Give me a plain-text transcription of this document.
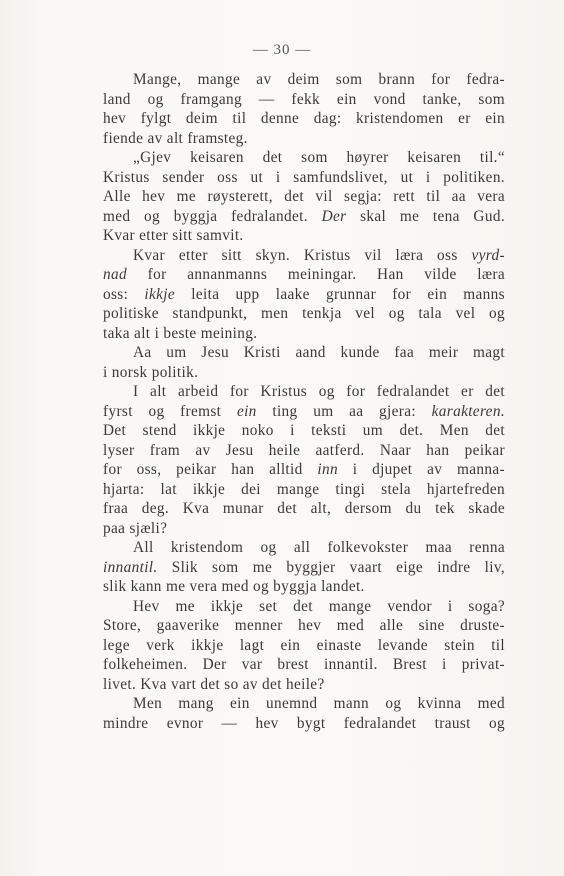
— 30 —
Mange, mange av deim som brann for fedra-
land og framgang — fekk ein vond tanke, som
hev fylgt deim til denne dag: kristendomen er ein
fiende av alt framsteg.
„Gjev keisaren det som høyrer keisaren til.“
Kristus sender oss ut i samfundslivet, ut i politiken.
Alle hev me røysterett, det vil segja: rett til aa vera
med og byggja fedralandet. Der skal me tena Gud.
Kvar etter sitt samvit.
Kvar etter sitt skyn. Kristus vil læra oss vyrd-
nad for annanmanns meiningar. Han vilde læra
oss: ikkje leita upp laake grunnar for ein manns
politiske standpunkt, men tenkja vel og tala vel og
taka alt i beste meining.
Aa um Jesu Kristi aand kunde faa meir magt
i norsk politik.
I alt arbeid for Kristus og for fedralandet er det
fyrst og fremst ein ting um aa gjera: karakteren.
Det stend ikkje noko i teksti um det. Men det
lyser fram av Jesu heile aatferd. Naar han peikar
for oss, peikar han alltid inn i djupet av manna-
hjarta: lat ikkje dei mange tingi stela hjartefreden
fraa deg. Kva munar det alt, dersom du tek skade
paa sjæli?
All kristendom og all folkevokster maa renna
innantil. Slik som me byggjer vaart eige indre liv,
slik kann me vera med og byggja landet.
Hev me ikkje set det mange vendor i soga?
Store, gaaverike menner hev med alle sine druste-
lege verk ikkje lagt ein einaste levande stein til
folkeheimen. Der var brest innantil. Brest i privat-
livet. Kva vart det so av det heile?
Men mang ein unemnd mann og kvinna med
mindre evnor — hev bygt fedralandet traust og
